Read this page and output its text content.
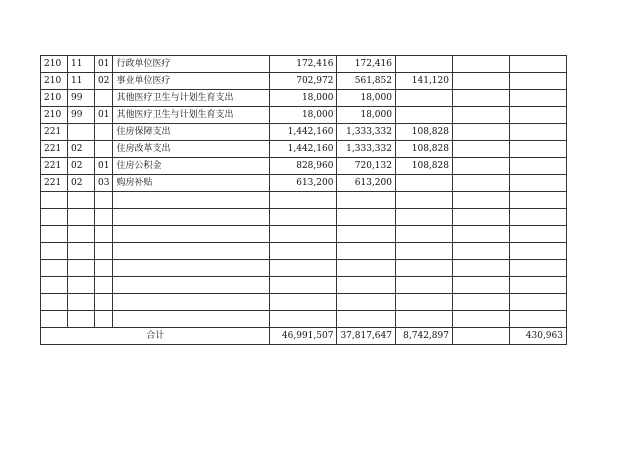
210	11	01	行政单位医疗	172,416	172,416			
210	11	02	事业单位医疗	702,972	561,852	141,120		
210	99		其他医疗卫生与计划生育支出	18,000	18,000			
210	99	01	其他医疗卫生与计划生育支出	18,000	18,000			
221			住房保障支出	1,442,160	1,333,332	108,828		
221	02		住房改革支出	1,442,160	1,333,332	108,828		
221	02	01	住房公积金	828,960	720,132	108,828		
221	02	03	购房补贴	613,200	613,200			

合计				46,991,507	37,817,647	8,742,897		430,963
